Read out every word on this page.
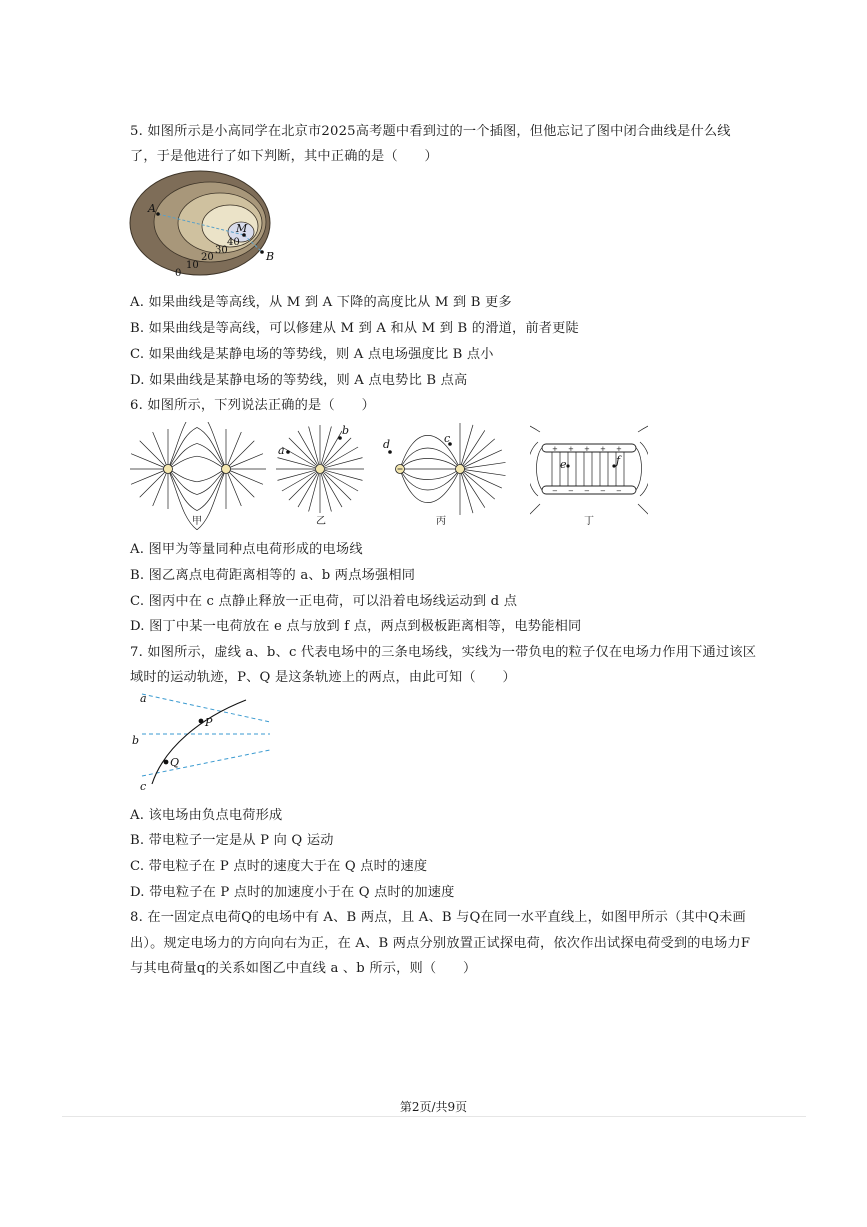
5. 如图所示是小高同学在北京市2025高考题中看到过的一个插图，但他忘记了图中闭合曲线是什么线
了，于是他进行了如下判断，其中正确的是（　　）
A
B
M
0
10
20
30
40
A. 如果曲线是等高线，从 M 到 A 下降的高度比从 M 到 B 更多
B. 如果曲线是等高线，可以修建从 M 到 A 和从 M 到 B 的滑道，前者更陡
C. 如果曲线是某静电场的等势线，则 A 点电场强度比 B 点小
D. 如果曲线是某静电场的等势线，则 A 点电势比 B 点高
6. 如图所示，下列说法正确的是（　　）
甲
a
b
乙
d	c
丙
+ + + + +
− − − − −
e	f
丁
A. 图甲为等量同种点电荷形成的电场线
B. 图乙离点电荷距离相等的 a、b 两点场强相同
C. 图丙中在 c 点静止释放一正电荷，可以沿着电场线运动到 d 点
D. 图丁中某一电荷放在 e 点与放到 f 点，两点到极板距离相等，电势能相同
7. 如图所示，虚线 a、b、c 代表电场中的三条电场线，实线为一带负电的粒子仅在电场力作用下通过该区
域时的运动轨迹，P、Q 是这条轨迹上的两点，由此可知（　　）
a
b
c
P
Q
A. 该电场由负点电荷形成
B. 带电粒子一定是从 P 向 Q 运动
C. 带电粒子在 P 点时的速度大于在 Q 点时的速度
D. 带电粒子在 P 点时的加速度小于在 Q 点时的加速度
8. 在一固定点电荷Q的电场中有 A、B 两点，且 A、B 与Q在同一水平直线上，如图甲所示（其中Q未画
出）。规定电场力的方向向右为正，在 A、B 两点分别放置正试探电荷，依次作出试探电荷受到的电场力F
与其电荷量q的关系如图乙中直线 a 、b 所示，则（　　）
第2页/共9页
